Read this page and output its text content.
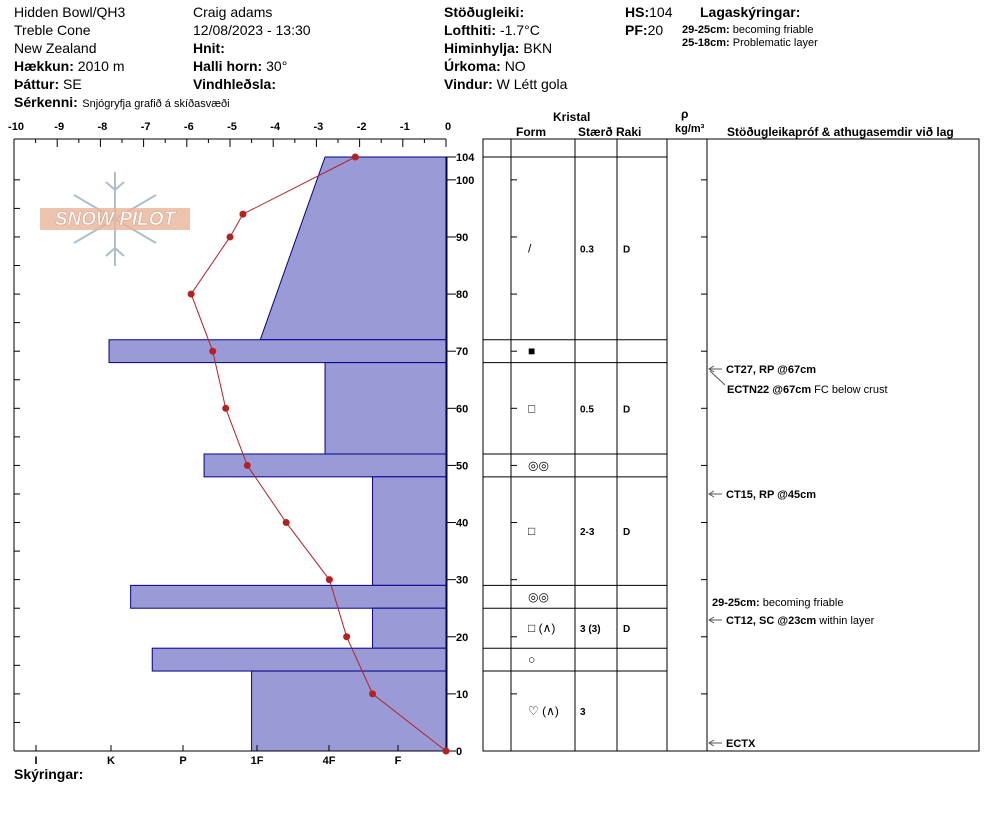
Hidden Bowl/QH3
Treble Cone
New Zealand
Hækkun: 2010 m
Þáttur: SE
Sérkenni: Snjógryfja grafið á skíðasvæði
Craig adams
12/08/2023 - 13:30
Hnit:
Halli horn: 30°
Vindhleðsla:
Stöðugleiki:
Lofthiti: -1.7°C
Himinhylja: BKN
Úrkoma: NO
Vindur: W Létt gola
HS:104
PF:20
Lagaskýringar:
29-25cm: becoming friable
25-18cm: Problematic layer
Kristal
Form	Stærð Raki
ρ
kg/m³ Stöðugleikapróf & athugasemdir við lag
Skýringar:
SNOW PILOT
-10	-9	-8	-7	-6	-5	-4	-3	-2	-1	0
0
10
20
30
40
50
60
70
80
90
100
104
I	K	P	1F	4F	F
/	0.3	D
■
□	0.5	D
◎◎
□	2-3	D
◎◎
□ (∧) 3 (3) D
○
♡ (∧) 3
CT27, RP @67cm
ECTN22 @67cm FC below crust
CT15, RP @45cm
29-25cm: becoming friable
CT12, SC @23cm within layer
ECTX
